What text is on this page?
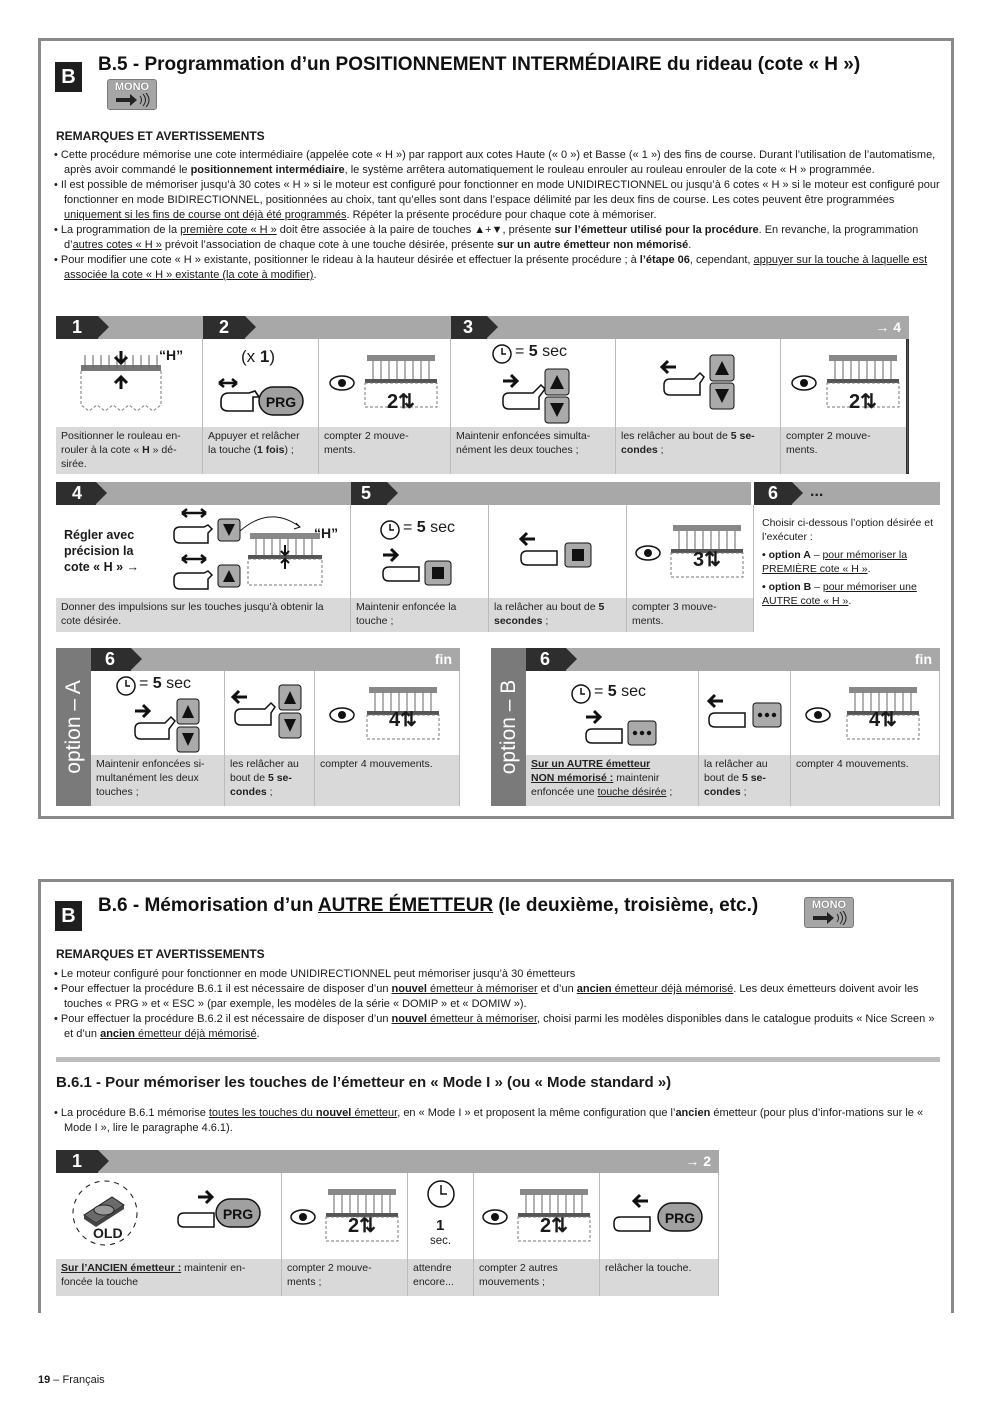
B
B.5 - Programmation d’un POSITIONNEMENT INTERMÉDIAIRE du rideau (cote « H »)
MONO
REMARQUES ET AVERTISSEMENTS

• Cette procédure mémorise une cote intermédiaire (appelée cote « H ») par rapport aux cotes Haute (« 0 ») et Basse (« 1 ») des fins de course. Durant l’utilisation de l’automatisme, après avoir commandé le positionnement intermédiaire, le système arrêtera automatiquement le rouleau enrouler au rouleau enrouler de la cote « H » programmée.

• Il est possible de mémoriser jusqu’à 30 cotes « H » si le moteur est configuré pour fonctionner en mode UNIDIRECTIONNEL ou jusqu’à 6 cotes « H » si le moteur est configuré pour fonctionner en mode BIDIRECTIONNEL, positionnées au choix, tant qu’elles sont dans l’espace délimité par les deux fins de course. Les cotes peuvent être programmées uniquement si les fins de course ont déjà été programmés. Répéter la présente procédure pour chaque cote à mémoriser.

• La programmation de la première cote « H » doit être associée à la paire de touches ▲+▼, présente sur l’émetteur utilisé pour la procédure. En revanche, la programmation d’autres cotes « H » prévoit l’association de chaque cote à une touche désirée, présente sur un autre émetteur non mémorisé.

• Pour modifier une cote « H » existante, positionner le rideau à la hauteur désirée et effectuer la présente procédure ; à l’étape 06, cependant, appuyer sur la touche à laquelle est associée la cote « H » existante (la cote à modifier).

1	2	3	→ 4
“H”
Positionner le rouleau en-
rouler à la cote « H » dé-
sirée.
(x 1)
PRG	2⇅
Appuyer et relâcher
la touche (1 fois) ;
compter 2 mouve-
ments.
= 5 sec
2⇅
Maintenir enfoncées simulta-
nément les deux touches ;
les relâcher au bout de 5 se-
condes ;
compter 2 mouve-
ments.
4	5	6	...
Régler avec
précision la
cote « H » →
“H”
Donner des impulsions sur les touches jusqu’à obtenir la cote désirée.
= 5 sec
3⇅
Maintenir enfoncée la
touche ;
la relâcher au bout de 5
secondes ;
compter 3 mouve-
ments.
Choisir ci-dessous l’option désirée et l’exécuter :
• option A – pour mémoriser la PREMIÈRE cote « H ».
• option B – pour mémoriser une AUTRE cote « H ».
option – A
6	fin
= 5 sec
4⇅
Maintenir enfoncées si-
multanément les deux
touches ;
les relâcher au
bout de 5 se-
condes ;
compter 4 mouvements.	option – B
6	fin
= 5 sec
4⇅
Sur un AUTRE émetteur
NON mémorisé : maintenir
enfoncée une touche désirée ;
la relâcher au
bout de 5 se-
condes ;
compter 4 mouvements.
B	B.6 - Mémorisation d’un AUTRE ÉMETTEUR (le deuxième, troisième, etc.)	MONO
REMARQUES ET AVERTISSEMENTS

• Le moteur configuré pour fonctionner en mode UNIDIRECTIONNEL peut mémoriser jusqu’à 30 émetteurs

• Pour effectuer la procédure B.6.1 il est nécessaire de disposer d’un nouvel émetteur à mémoriser et d’un ancien émetteur déjà mémorisé. Les deux émetteurs doivent avoir les touches « PRG » et « ESC » (par exemple, les modèles de la série « DOMIP » et « DOMIW »).

• Pour effectuer la procédure B.6.2 il est nécessaire de disposer d’un nouvel émetteur à mémoriser, choisi parmi les modèles disponibles dans le catalogue produits « Nice Screen » et d’un ancien émetteur déjà mémorisé.

B.6.1 - Pour mémoriser les touches de l’émetteur en « Mode I » (ou « Mode standard »)

• La procédure B.6.1 mémorise toutes les touches du nouvel émetteur, en « Mode I » et proposent la même configuration que l’ancien émetteur (pour plus d’infor-mations sur le « Mode I », lire le paragraphe 4.6.1).

1	→ 2
OLD
PRG
2⇅	1
sec.
2⇅	PRG
Sur l’ANCIEN émetteur : maintenir en-
foncée la touche
compter 2 mouve-
ments ;
attendre
encore...
compter 2 autres
mouvements ;
relâcher la touche.
19 – Français
